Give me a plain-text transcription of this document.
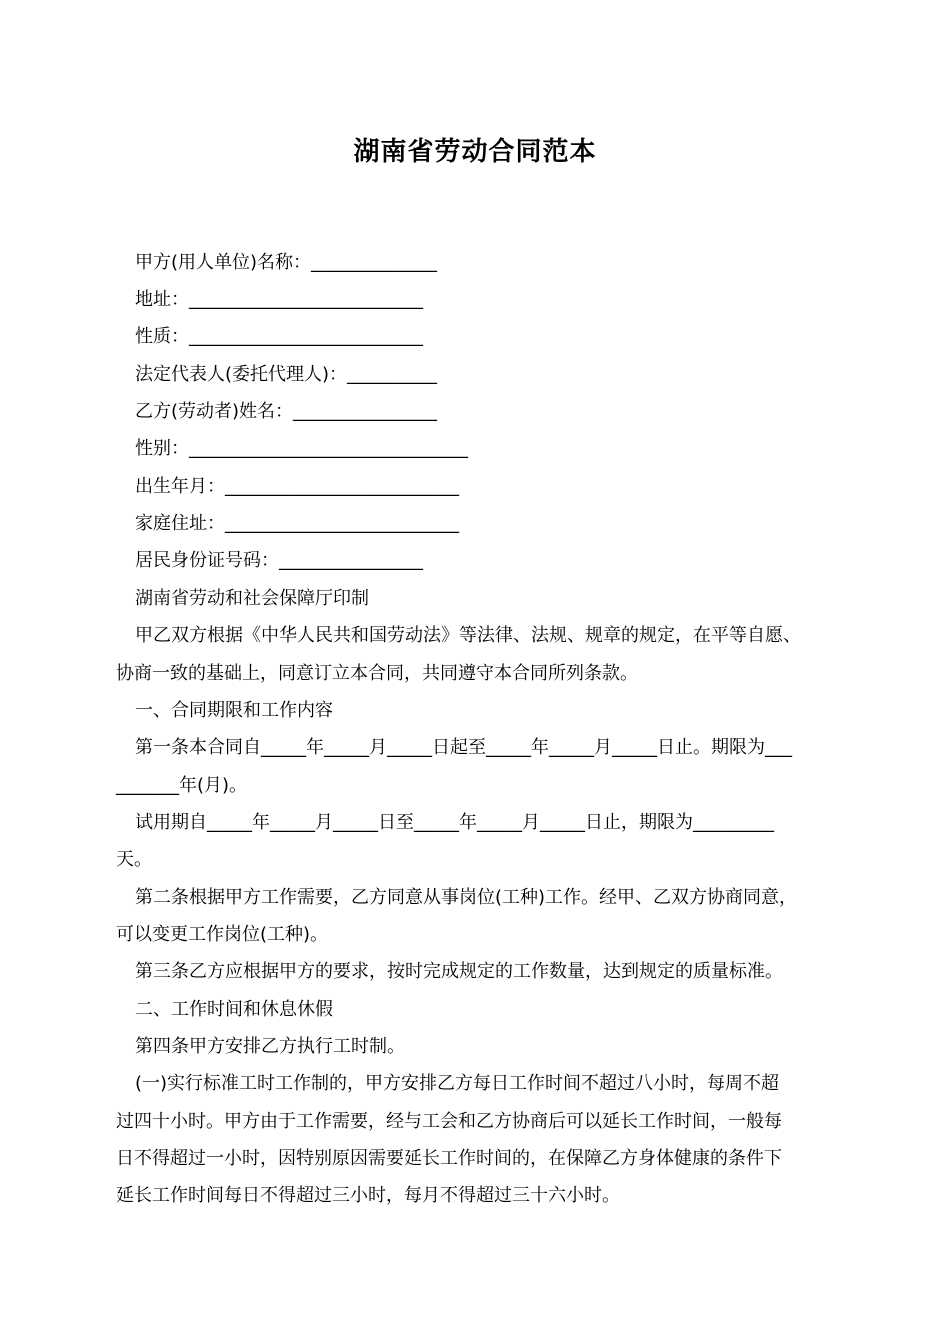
湖南省劳动合同范本
甲方(用人单位)名称：______________
地址：__________________________
性质：__________________________
法定代表人(委托代理人)：__________
乙方(劳动者)姓名：________________
性别：_______________________________
出生年月：__________________________
家庭住址：__________________________
居民身份证号码：________________
湖南省劳动和社会保障厅印制
甲乙双方根据《中华人民共和国劳动法》等法律、法规、规章的规定，在平等自愿、
协商一致的基础上，同意订立本合同，共同遵守本合同所列条款。
一、合同期限和工作内容
第一条本合同自_____年_____月_____日起至_____年_____月_____日止。期限为___
_______年(月)。
试用期自_____年_____月_____日至_____年_____月_____日止，期限为_________
天。
第二条根据甲方工作需要，乙方同意从事岗位(工种)工作。经甲、乙双方协商同意，
可以变更工作岗位(工种)。
第三条乙方应根据甲方的要求，按时完成规定的工作数量，达到规定的质量标准。
二、工作时间和休息休假
第四条甲方安排乙方执行工时制。
(一)实行标准工时工作制的，甲方安排乙方每日工作时间不超过八小时，每周不超
过四十小时。甲方由于工作需要，经与工会和乙方协商后可以延长工作时间，一般每
日不得超过一小时，因特别原因需要延长工作时间的，在保障乙方身体健康的条件下
延长工作时间每日不得超过三小时，每月不得超过三十六小时。
